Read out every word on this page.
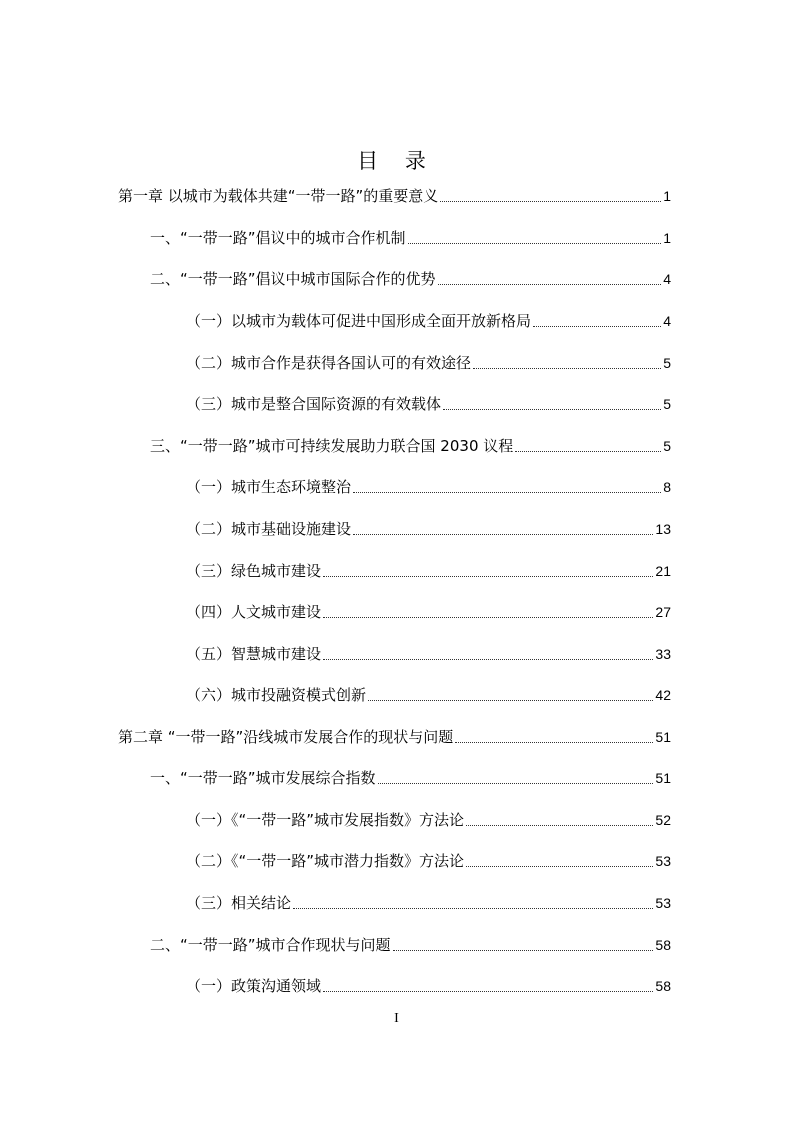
目 录
第一章 以城市为载体共建“一带一路”的重要意义	1
一、“一带一路”倡议中的城市合作机制	1
二、“一带一路”倡议中城市国际合作的优势	4
（一）以城市为载体可促进中国形成全面开放新格局	4
（二）城市合作是获得各国认可的有效途径	5
（三）城市是整合国际资源的有效载体	5
三、“一带一路”城市可持续发展助力联合国 2030 议程	5
（一）城市生态环境整治	8
（二）城市基础设施建设	13
（三）绿色城市建设	21
（四）人文城市建设	27
（五）智慧城市建设	33
（六）城市投融资模式创新	42
第二章 “一带一路”沿线城市发展合作的现状与问题	51
一、“一带一路”城市发展综合指数	51
（一）《“一带一路”城市发展指数》方法论	52
（二）《“一带一路”城市潜力指数》方法论	53
（三）相关结论	53
二、“一带一路”城市合作现状与问题	58
（一）政策沟通领域	58
I
